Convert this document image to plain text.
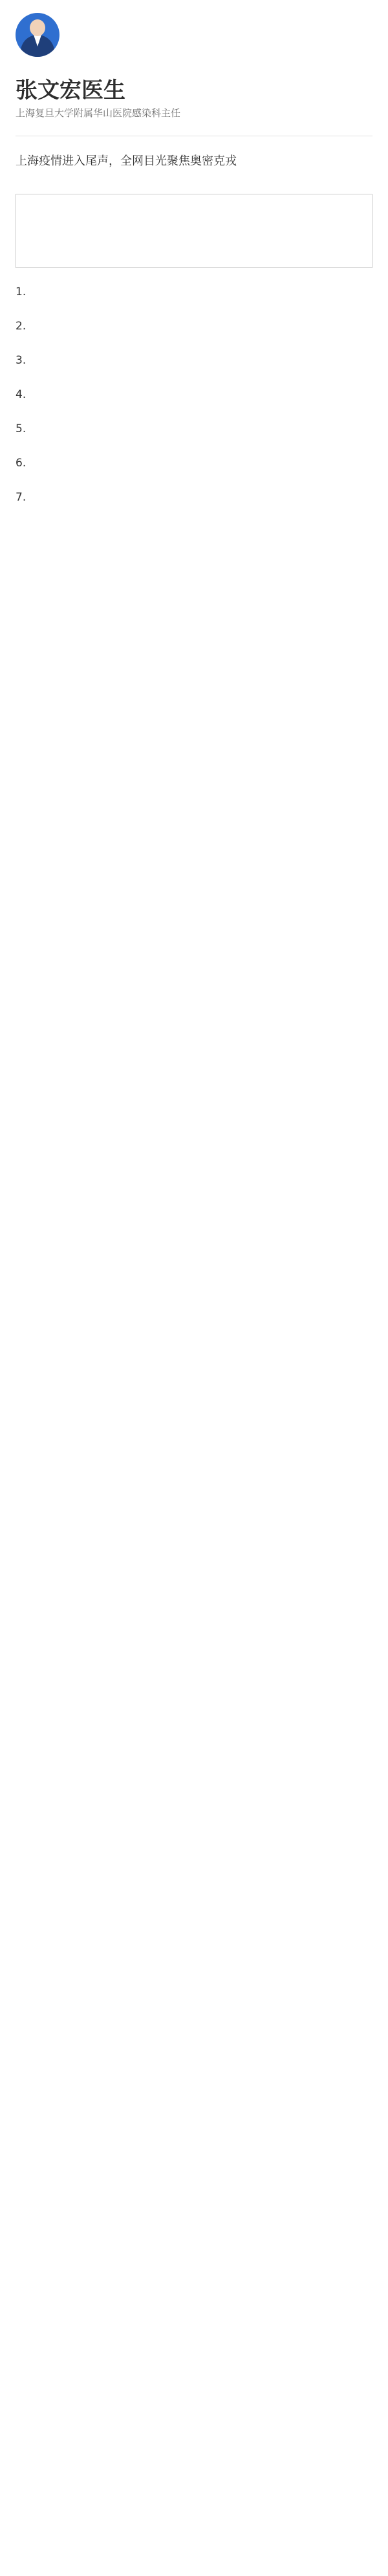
张文宏医生
上海复旦大学附属华山医院感染科主任
上海疫情进入尾声，全网目光聚焦奥密克戎

1.

2.

3.

4.

5.

6.

7.
